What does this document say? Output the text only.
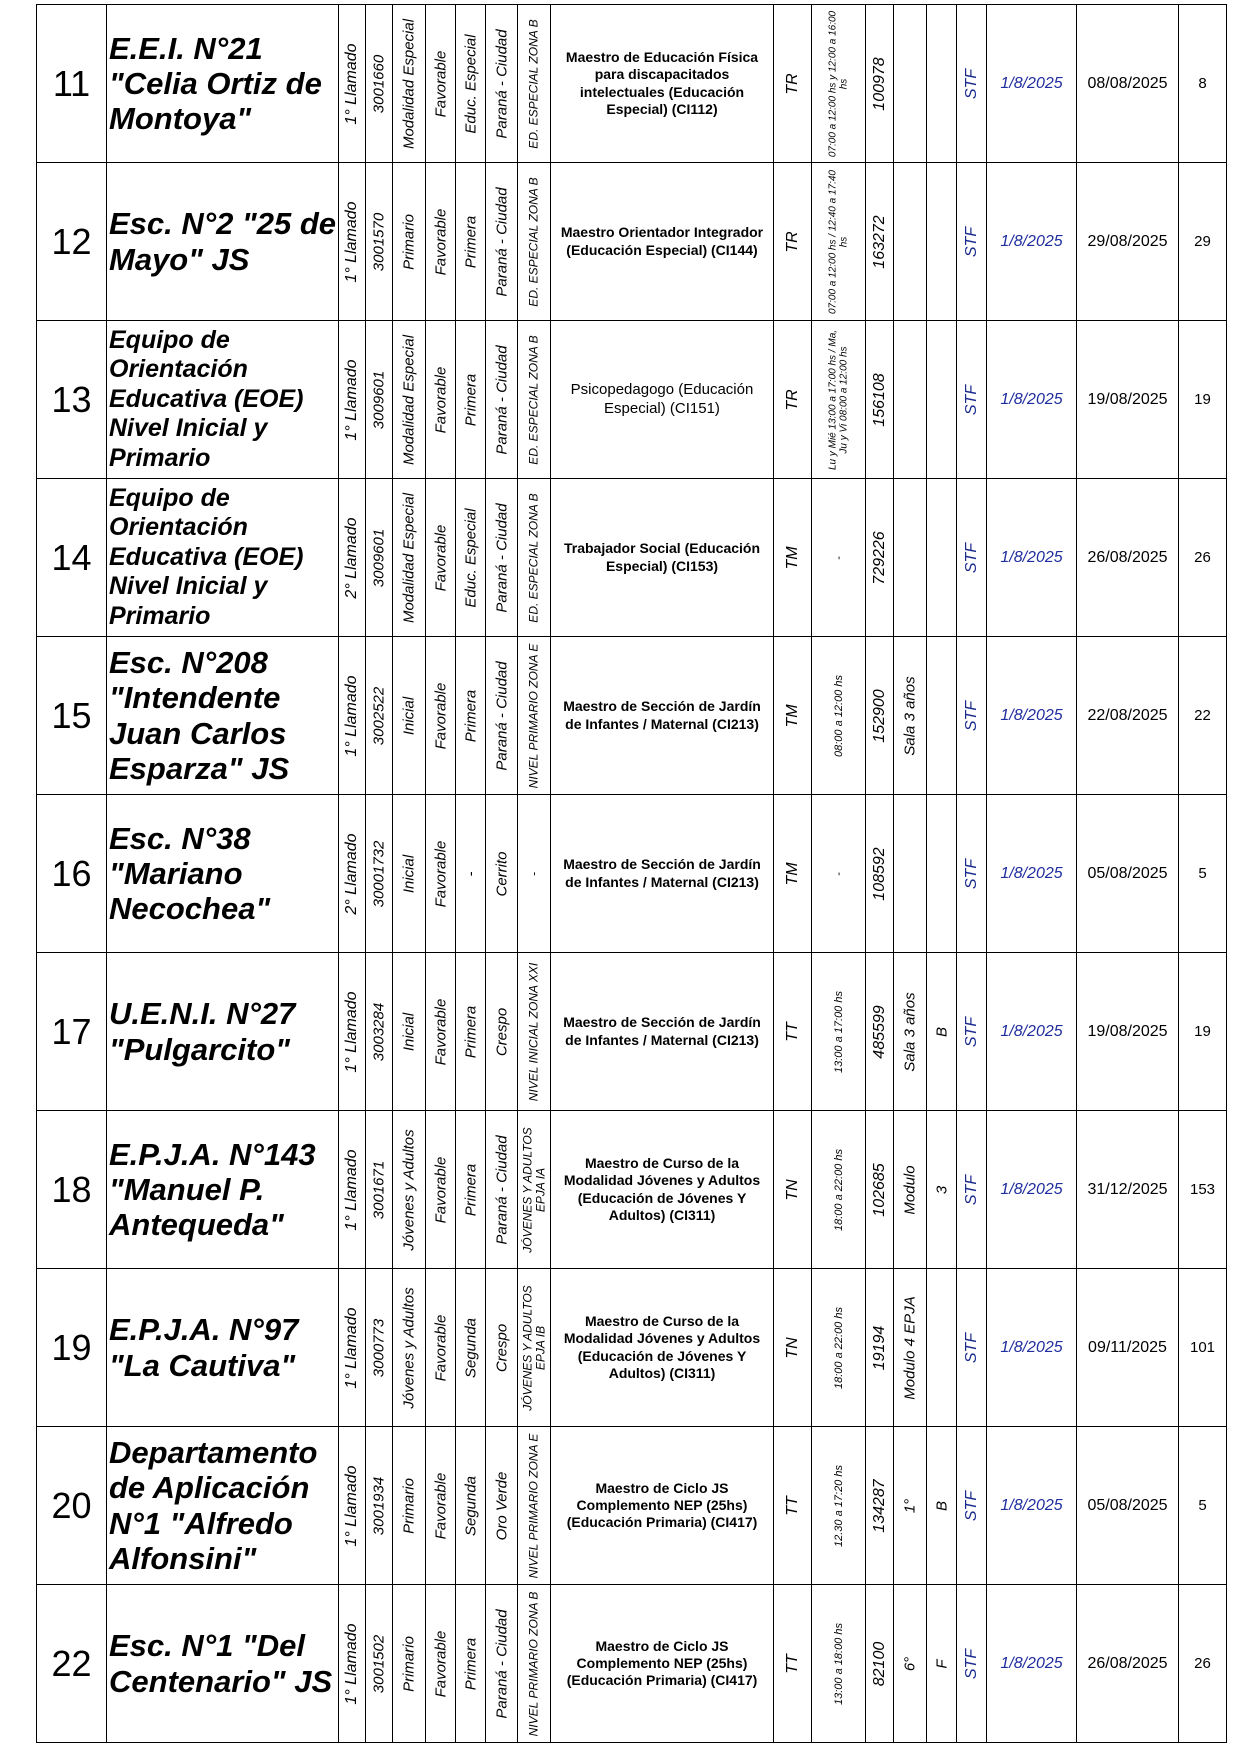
11	E.E.I. N°21 "Celia Ortiz de Montoya"	1° Llamado	3001660	Modalidad Especial	Favorable	Educ. Especial	Paraná - Ciudad	ED. ESPECIAL ZONA B	Maestro de Educación Física para discapacitados intelectuales (Educación Especial) (CI112)	TR	07:00 a 12:00 hs y 12:00 a 16:00 hs	100978			STF	1/8/2025	08/08/2025	8
12	Esc. N°2 "25 de Mayo" JS	1° Llamado	3001570	Primario	Favorable	Primera	Paraná - Ciudad	ED. ESPECIAL ZONA B	Maestro Orientador Integrador (Educación Especial) (CI144)	TR	07:00 a 12:00 hs / 12:40 a 17:40 hs	163272			STF	1/8/2025	29/08/2025	29
13	Equipo de Orientación Educativa (EOE) Nivel Inicial y Primario	1° Llamado	3009601	Modalidad Especial	Favorable	Primera	Paraná - Ciudad	ED. ESPECIAL ZONA B	Psicopedagogo (Educación Especial) (CI151)	TR	Lu y Mié 13:00 a 17:00 hs / Ma, Ju y Vi 08:00 a 12:00 hs	156108			STF	1/8/2025	19/08/2025	19
14	Equipo de Orientación Educativa (EOE) Nivel Inicial y Primario	2° Llamado	3009601	Modalidad Especial	Favorable	Educ. Especial	Paraná - Ciudad	ED. ESPECIAL ZONA B	Trabajador Social (Educación Especial) (CI153)	TM	-	729226			STF	1/8/2025	26/08/2025	26
15	Esc. N°208 "Intendente Juan Carlos Esparza" JS	1° Llamado	3002522	Inicial	Favorable	Primera	Paraná - Ciudad	NIVEL PRIMARIO ZONA E	Maestro de Sección de Jardín de Infantes / Maternal (CI213)	TM	08:00 a 12:00 hs	152900	Sala 3 años		STF	1/8/2025	22/08/2025	22
16	Esc. N°38 "Mariano Necochea"	2° Llamado	30001732	Inicial	Favorable	-	Cerrito	-	Maestro de Sección de Jardín de Infantes / Maternal (CI213)	TM	-	108592			STF	1/8/2025	05/08/2025	5
17	U.E.N.I. N°27 "Pulgarcito"	1° Llamado	3003284	Inicial	Favorable	Primera	Crespo	NIVEL INICIAL ZONA XXI	Maestro de Sección de Jardín de Infantes / Maternal (CI213)	TT	13:00 a 17:00 hs	485599	Sala 3 años	B	STF	1/8/2025	19/08/2025	19
18	E.P.J.A. N°143 "Manuel P. Antequeda"	1° Llamado	3001671	Jóvenes y Adultos	Favorable	Primera	Paraná - Ciudad	JÓVENES Y ADULTOS EPJA IA	Maestro de Curso de la Modalidad Jóvenes y Adultos (Educación de Jóvenes Y Adultos) (CI311)	TN	18:00 a 22:00 hs	102685	Modulo	3	STF	1/8/2025	31/12/2025	153
19	E.P.J.A. N°97 "La Cautiva"	1° Llamado	3000773	Jóvenes y Adultos	Favorable	Segunda	Crespo	JÓVENES Y ADULTOS EPJA IB	Maestro de Curso de la Modalidad Jóvenes y Adultos (Educación de Jóvenes Y Adultos) (CI311)	TN	18:00 a 22:00 hs	19194	Modulo 4 EPJA		STF	1/8/2025	09/11/2025	101
20	Departamento de Aplicación N°1 "Alfredo Alfonsini"	1° Llamado	3001934	Primario	Favorable	Segunda	Oro Verde	NIVEL PRIMARIO ZONA E	Maestro de Ciclo JS Complemento NEP (25hs) (Educación Primaria) (CI417)	TT	12.30 a 17:20 hs	134287	1°	B	STF	1/8/2025	05/08/2025	5
22	Esc. N°1 "Del Centenario" JS	1° Llamado	3001502	Primario	Favorable	Primera	Paraná - Ciudad	NIVEL PRIMARIO ZONA B	Maestro de Ciclo JS Complemento NEP (25hs) (Educación Primaria) (CI417)	TT	13:00 a 18:00 hs	82100	6°	F	STF	1/8/2025	26/08/2025	26
